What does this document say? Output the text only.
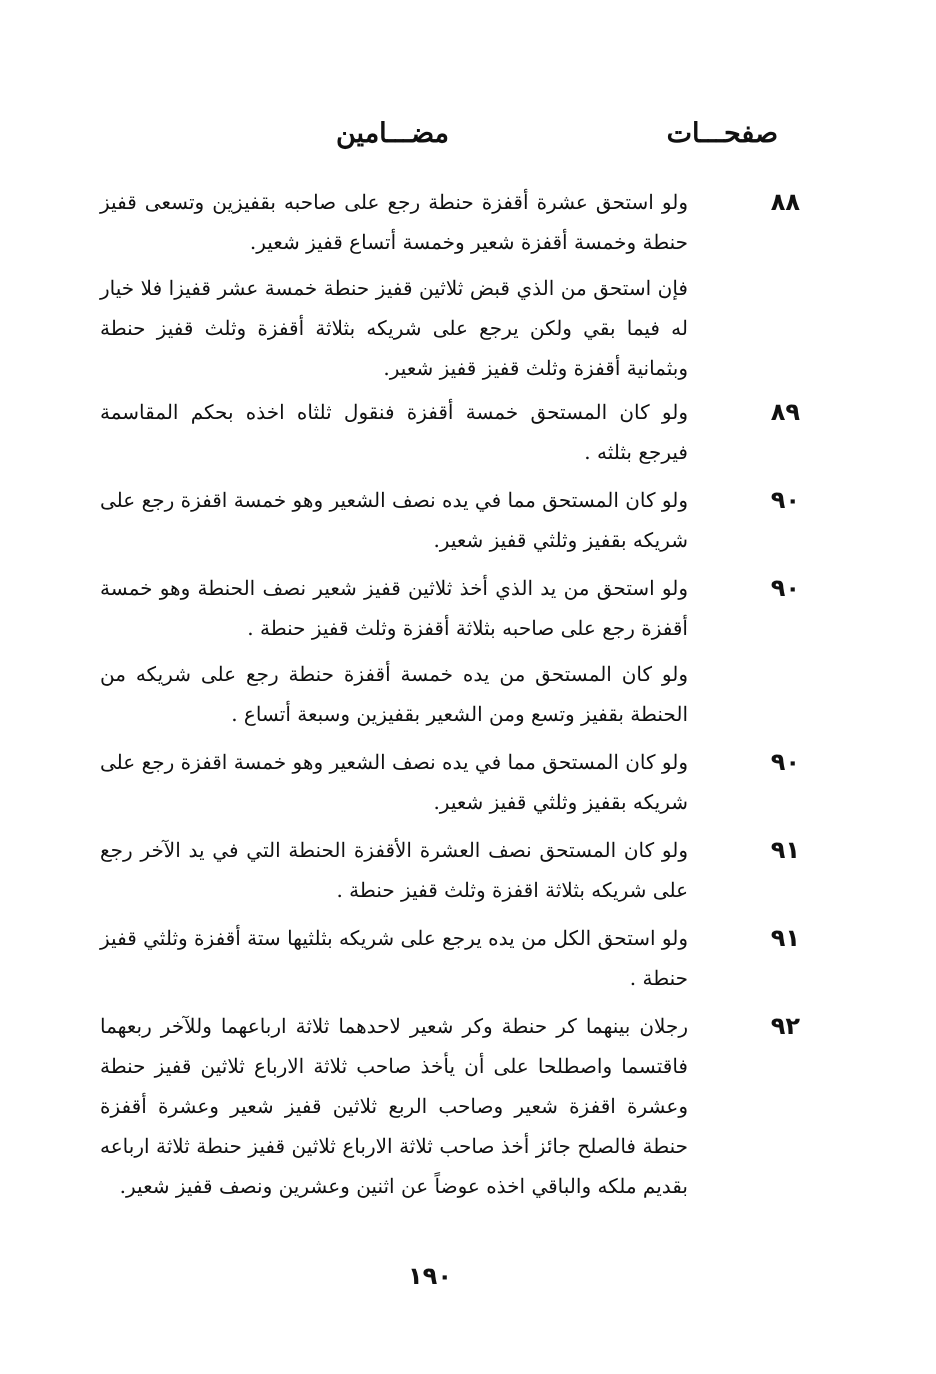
صفحـــات
مضـــامين
٨٨

ولو استحق عشرة أقفزة حنطة رجع على صاحبه بقفيزين وتسعى قفيز حنطة وخمسة أقفزة شعير وخمسة أتساع قفيز شعير.

فإن استحق من الذي قبض ثلاثين قفيز حنطة خمسة عشر قفيزا فلا خيار له فيما بقي ولكن يرجع على شريكه بثلاثة أقفزة وثلث قفيز حنطة وبثمانية أقفزة وثلث قفيز قفيز شعير.

٨٩

ولو كان المستحق خمسة أقفزة فنقول ثلثاه اخذه بحكم المقاسمة فيرجع بثلثه .

٩٠

ولو كان المستحق مما في يده نصف الشعير وهو خمسة اقفزة رجع على شريكه بقفيز وثلثي قفيز شعير.

٩٠

ولو استحق من يد الذي أخذ ثلاثين قفيز شعير نصف الحنطة وهو خمسة أقفزة رجع على صاحبه بثلاثة أقفزة وثلث قفيز حنطة .

ولو كان المستحق من يده خمسة أقفزة حنطة رجع على شريكه من الحنطة بقفيز وتسع ومن الشعير بقفيزين وسبعة أتساع .

٩٠

ولو كان المستحق مما في يده نصف الشعير وهو خمسة اقفزة رجع على شريكه بقفيز وثلثي قفيز شعير.

٩١

ولو كان المستحق نصف العشرة الأقفزة الحنطة التي في يد الآخر رجع على شريكه بثلاثة اقفزة وثلث قفيز حنطة .

٩١

ولو استحق الكل من يده يرجع على شريكه بثلثيها ستة أقفزة وثلثي قفيز حنطة .

٩٢

رجلان بينهما كر حنطة وكر شعير لاحدهما ثلاثة ارباعهما وللآخر ربعهما فاقتسما واصطلحا على أن يأخذ صاحب ثلاثة الارباع ثلاثين قفيز حنطة وعشرة اقفزة شعير وصاحب الربع ثلاثين قفيز شعير وعشرة أقفزة حنطة فالصلح جائز أخذ صاحب ثلاثة الارباع ثلاثين قفيز حنطة ثلاثة ارباعه بقديم ملكه والباقي اخذه عوضاً عن اثنين وعشرين ونصف قفيز شعير.

١٩٠
